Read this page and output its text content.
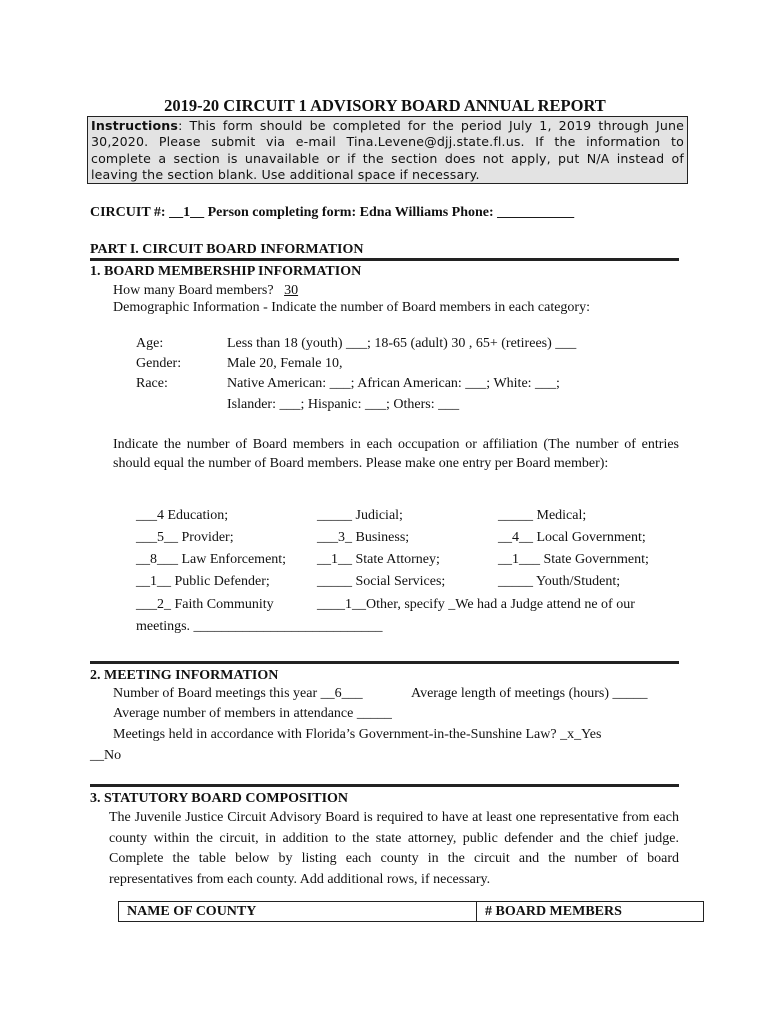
2019-20 CIRCUIT 1 ADVISORY BOARD ANNUAL REPORT
Instructions: This form should be completed for the period July 1, 2019 through June 30,2020. Please submit via e-mail Tina.Levene@djj.state.fl.us. If the information to complete a section is unavailable or if the section does not apply, put N/A instead of leaving the section blank. Use additional space if necessary.
CIRCUIT #: __1__ Person completing form: Edna Williams Phone: ___________
PART I. CIRCUIT BOARD INFORMATION
1. BOARD MEMBERSHIP INFORMATION
How many Board members? 30
Demographic Information - Indicate the number of Board members in each category:
Age:	Less than 18 (youth) ___; 18-65 (adult) 30 , 65+ (retirees) ___
Gender:	Male 20, Female 10,
Race:	Native American: ___; African American: ___; White: ___;
Islander: ___; Hispanic: ___; Others: ___
Indicate the number of Board members in each occupation or affiliation (The number of entries should equal the number of Board members. Please make one entry per Board member):
___4 Education;	_____ Judicial;	_____ Medical;
___5__ Provider;	___3_ Business;	__4__ Local Government;
__8___ Law Enforcement; __1__ State Attorney;	__1___ State Government;
__1__ Public Defender;	_____ Social Services;	_____ Youth/Student;
___2_ Faith Community	____1__Other, specify _We had a Judge attend ne of our
meetings. ___________________________
2. MEETING INFORMATION
Number of Board meetings this year __6___	Average length of meetings (hours) _____
Average number of members in attendance _____
Meetings held in accordance with Florida’s Government-in-the-Sunshine Law? _x_Yes
__No
3. STATUTORY BOARD COMPOSITION
The Juvenile Justice Circuit Advisory Board is required to have at least one representative from each county within the circuit, in addition to the state attorney, public defender and the chief judge. Complete the table below by listing each county in the circuit and the number of board representatives from each county. Add additional rows, if necessary.
NAME OF COUNTY	# BOARD MEMBERS
